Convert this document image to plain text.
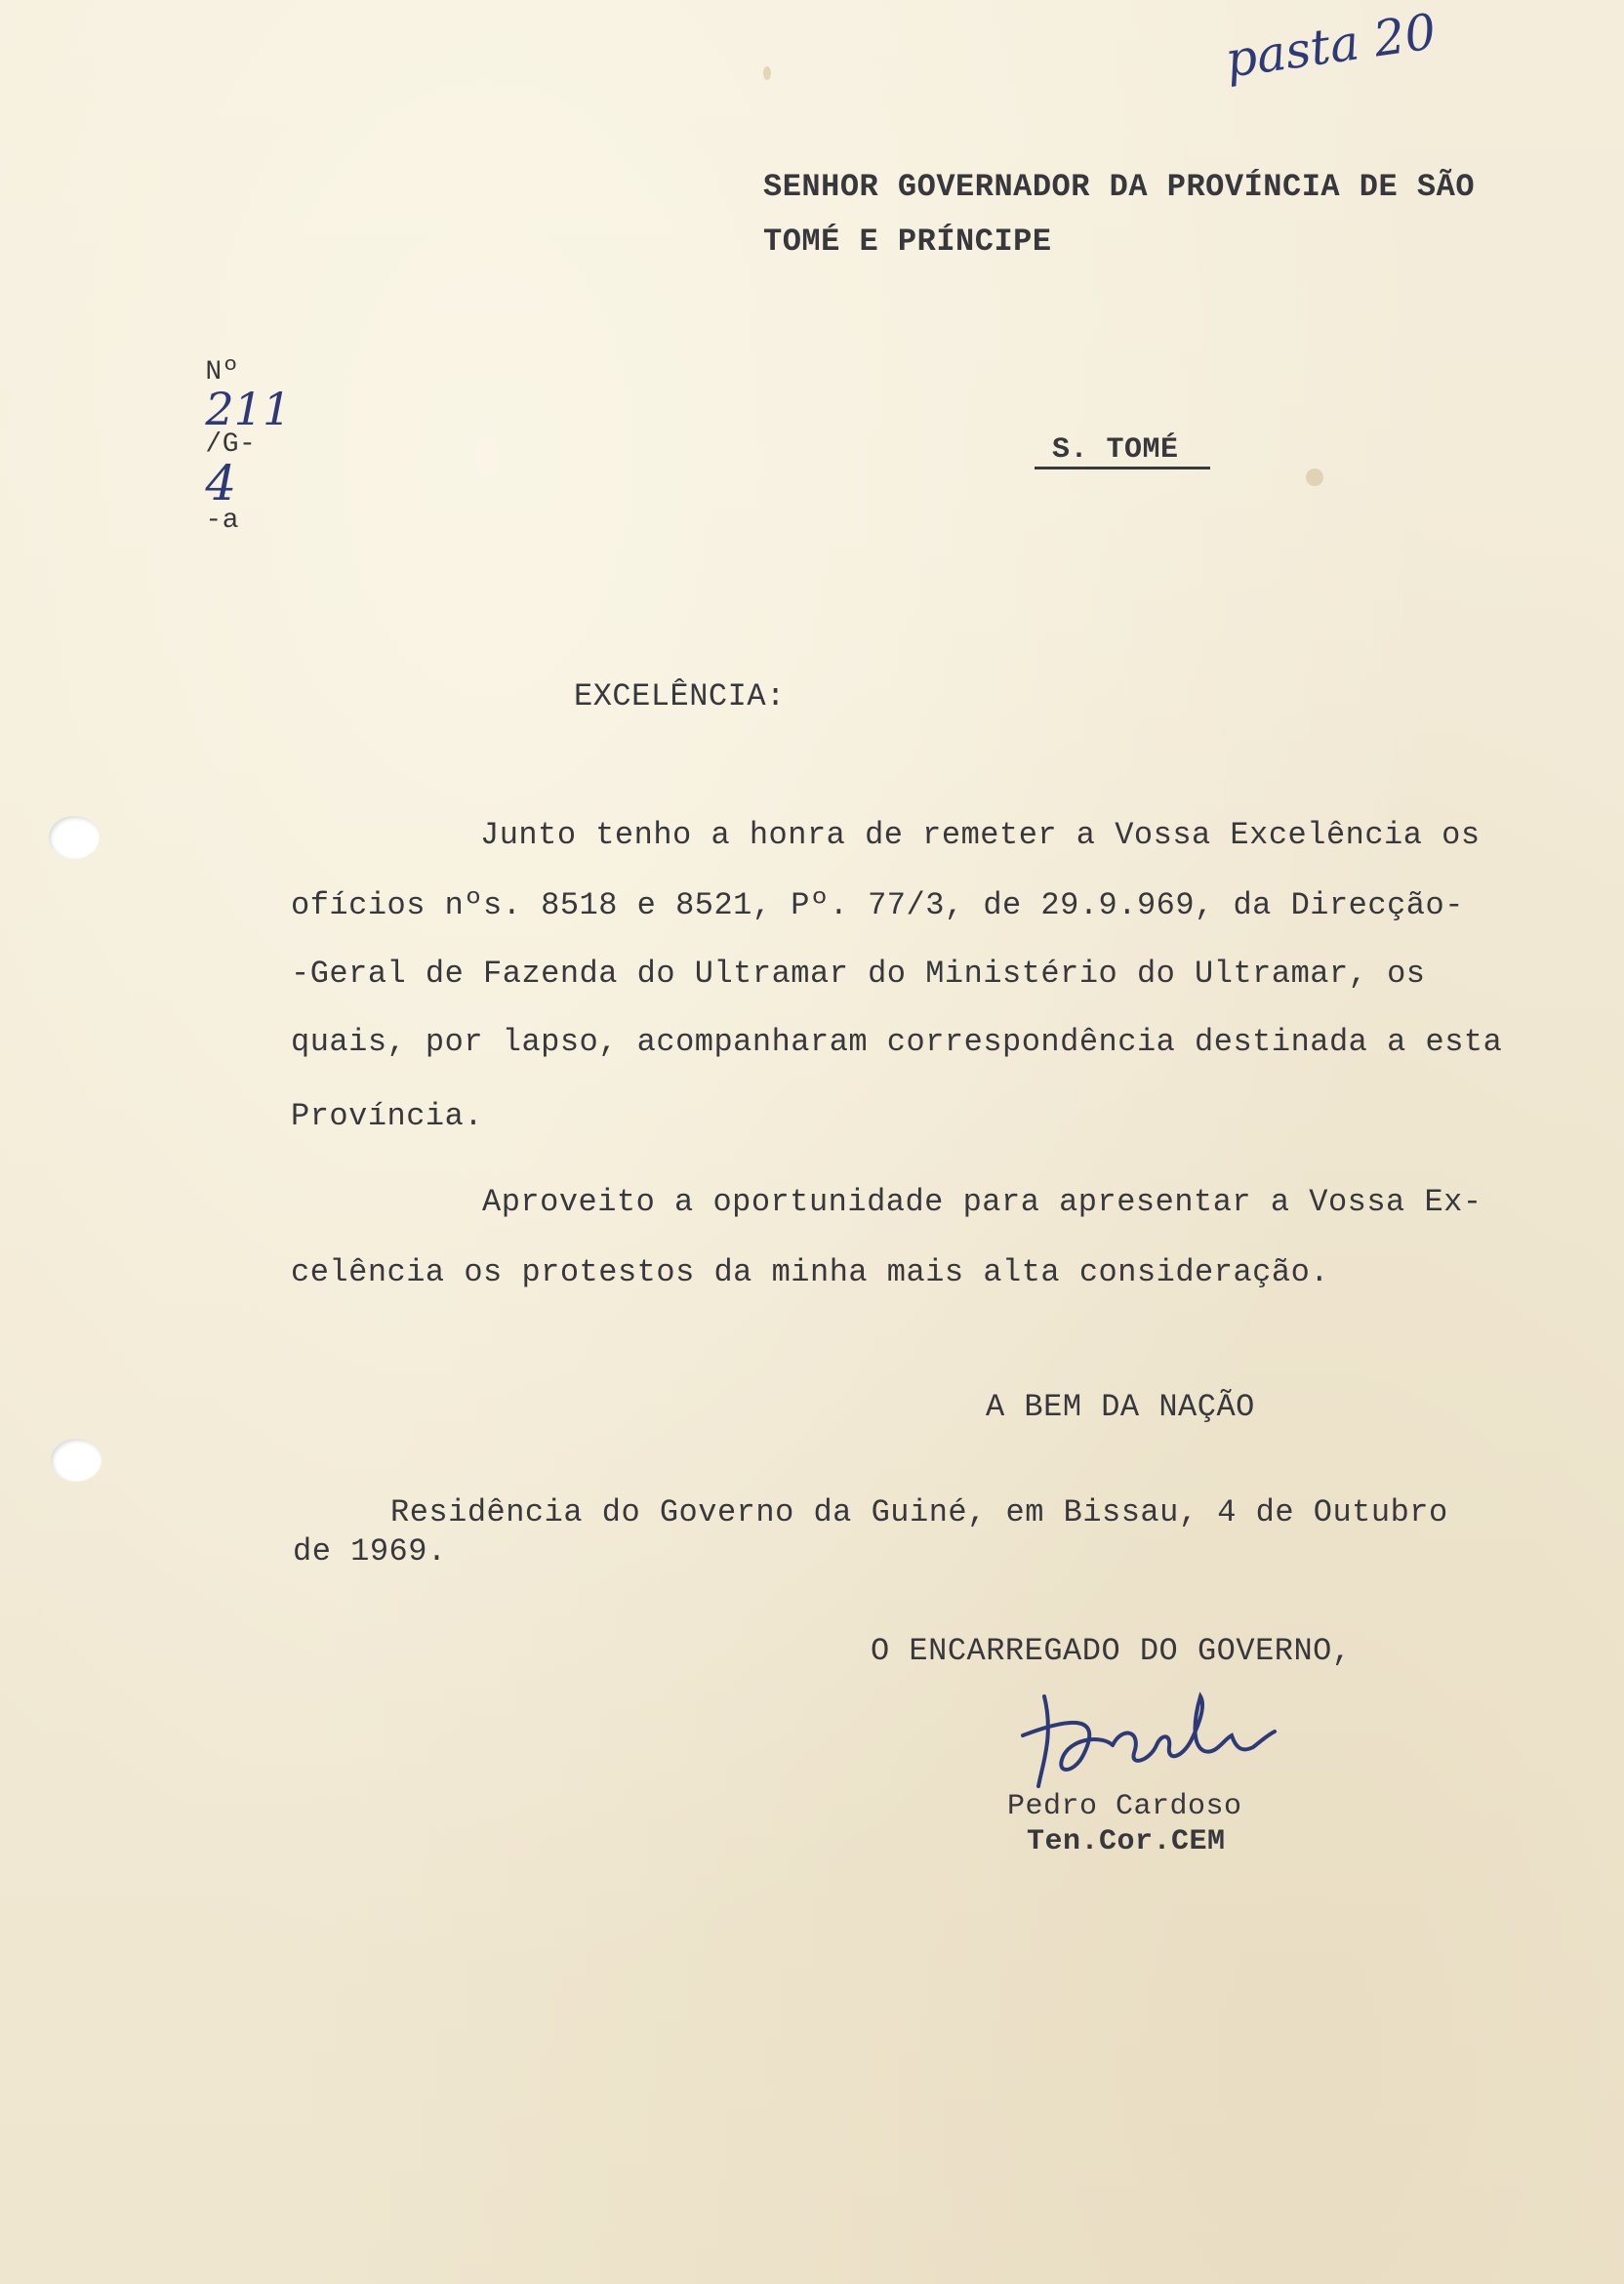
pasta 20
SENHOR GOVERNADOR DA PROVÍNCIA DE SÃO
TOMÉ E PRÍNCIPE

Nº
211
/G-
4
-a

S. TOMÉ
EXCELÊNCIA:
Junto tenho a honra de remeter a Vossa Excelência os
ofícios nºs. 8518 e 8521, Pº. 77/3, de 29.9.969, da Direcção-
-Geral de Fazenda do Ultramar do Ministério do Ultramar, os
quais, por lapso, acompanharam correspondência destinada a esta
Província.
Aproveito a oportunidade para apresentar a Vossa Ex-
celência os protestos da minha mais alta consideração.
A BEM DA NAÇÃO
Residência do Governo da Guiné, em Bissau, 4 de Outubro
de 1969.
O ENCARREGADO DO GOVERNO,
Pedro Cardoso
Ten.Cor.CEM
